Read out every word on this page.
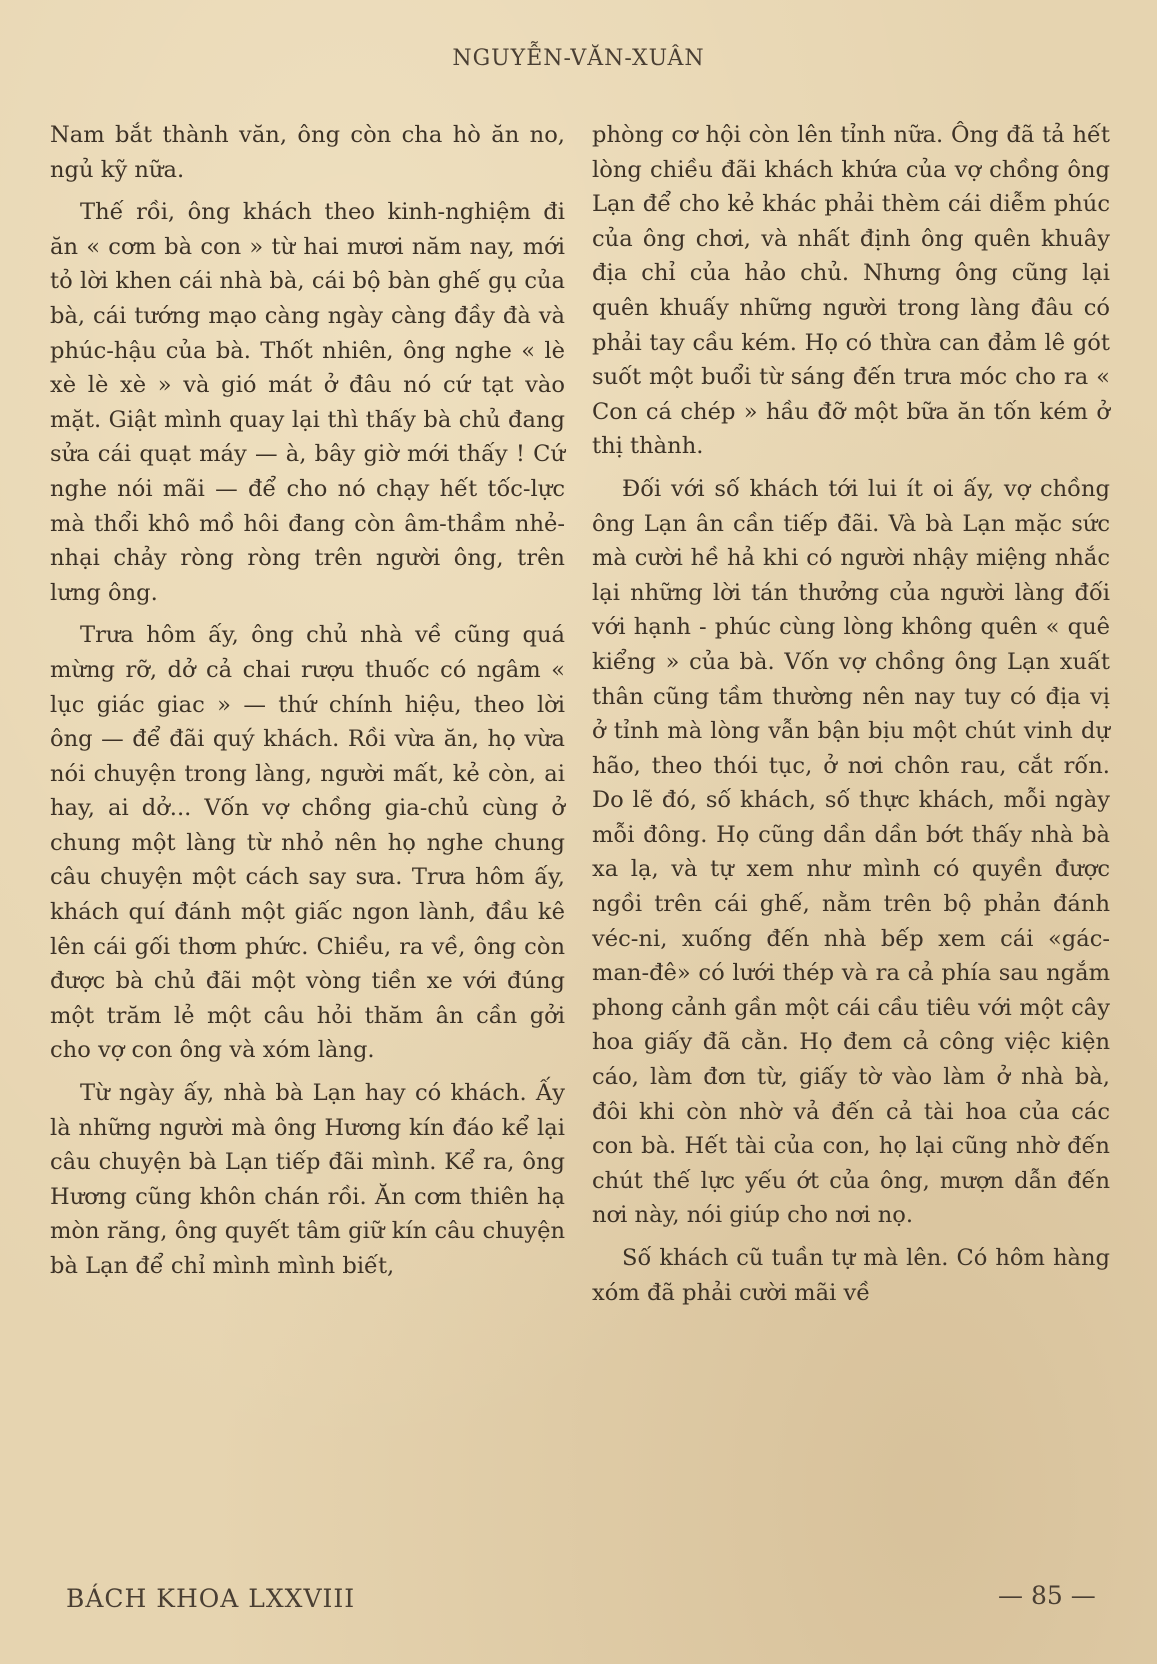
NGUYỄN-VĂN-XUÂN

Nam bắt thành văn, ông còn cha hò ăn no, ngủ kỹ nữa.

Thế rồi, ông khách theo kinh-nghiệm đi ăn « cơm bà con » từ hai mươi năm nay, mới tỏ lời khen cái nhà bà, cái bộ bàn ghế gụ của bà, cái tướng mạo càng ngày càng đầy đà và phúc-hậu của bà. Thốt nhiên, ông nghe « lè xè lè xè » và gió mát ở đâu nó cứ tạt vào mặt. Giật mình quay lại thì thấy bà chủ đang sửa cái quạt máy — à, bây giờ mới thấy ! Cứ nghe nói mãi — để cho nó chạy hết tốc-lực mà thổi khô mồ hôi đang còn âm-thầm nhẻ-nhại chảy ròng ròng trên người ông, trên lưng ông.

Trưa hôm ấy, ông chủ nhà về cũng quá mừng rỡ, dở cả chai rượu thuốc có ngâm « lục giác giac » — thứ chính hiệu, theo lời ông — để đãi quý khách. Rồi vừa ăn, họ vừa nói chuyện trong làng, người mất, kẻ còn, ai hay, ai dở... Vốn vợ chồng gia-chủ cùng ở chung một làng từ nhỏ nên họ nghe chung câu chuyện một cách say sưa. Trưa hôm ấy, khách quí đánh một giấc ngon lành, đầu kê lên cái gối thơm phức. Chiều, ra về, ông còn được bà chủ đãi một vòng tiền xe với đúng một trăm lẻ một câu hỏi thăm ân cần gởi cho vợ con ông và xóm làng.

Từ ngày ấy, nhà bà Lạn hay có khách. Ấy là những người mà ông Hương kín đáo kể lại câu chuyện bà Lạn tiếp đãi mình. Kể ra, ông Hương cũng khôn chán rồi. Ăn cơm thiên hạ mòn răng, ông quyết tâm giữ kín câu chuyện bà Lạn để chỉ mình mình biết,

phòng cơ hội còn lên tỉnh nữa. Ông đã tả hết lòng chiều đãi khách khứa của vợ chồng ông Lạn để cho kẻ khác phải thèm cái diễm phúc của ông chơi, và nhất định ông quên khuây địa chỉ của hảo chủ. Nhưng ông cũng lại quên khuấy những người trong làng đâu có phải tay cầu kém. Họ có thừa can đảm lê gót suốt một buổi từ sáng đến trưa móc cho ra « Con cá chép » hầu đỡ một bữa ăn tốn kém ở thị thành.

Đối với số khách tới lui ít oi ấy, vợ chồng ông Lạn ân cần tiếp đãi. Và bà Lạn mặc sức mà cười hề hả khi có người nhậy miệng nhắc lại những lời tán thưởng của người làng đối với hạnh - phúc cùng lòng không quên « quê kiểng » của bà. Vốn vợ chồng ông Lạn xuất thân cũng tầm thường nên nay tuy có địa vị ở tỉnh mà lòng vẫn bận bịu một chút vinh dự hão, theo thói tục, ở nơi chôn rau, cắt rốn. Do lẽ đó, số khách, số thực khách, mỗi ngày mỗi đông. Họ cũng dần dần bớt thấy nhà bà xa lạ, và tự xem như mình có quyền được ngồi trên cái ghế, nằm trên bộ phản đánh véc-ni, xuống đến nhà bếp xem cái «gác-man-đê» có lưới thép và ra cả phía sau ngắm phong cảnh gần một cái cầu tiêu với một cây hoa giấy đã cằn. Họ đem cả công việc kiện cáo, làm đơn từ, giấy tờ vào làm ở nhà bà, đôi khi còn nhờ vả đến cả tài hoa của các con bà. Hết tài của con, họ lại cũng nhờ đến chút thế lực yếu ớt của ông, mượn dẫn đến nơi này, nói giúp cho nơi nọ.

Số khách cũ tuần tự mà lên. Có hôm hàng xóm đã phải cười mãi về

BÁCH KHOA LXXVIII	— 85 —
